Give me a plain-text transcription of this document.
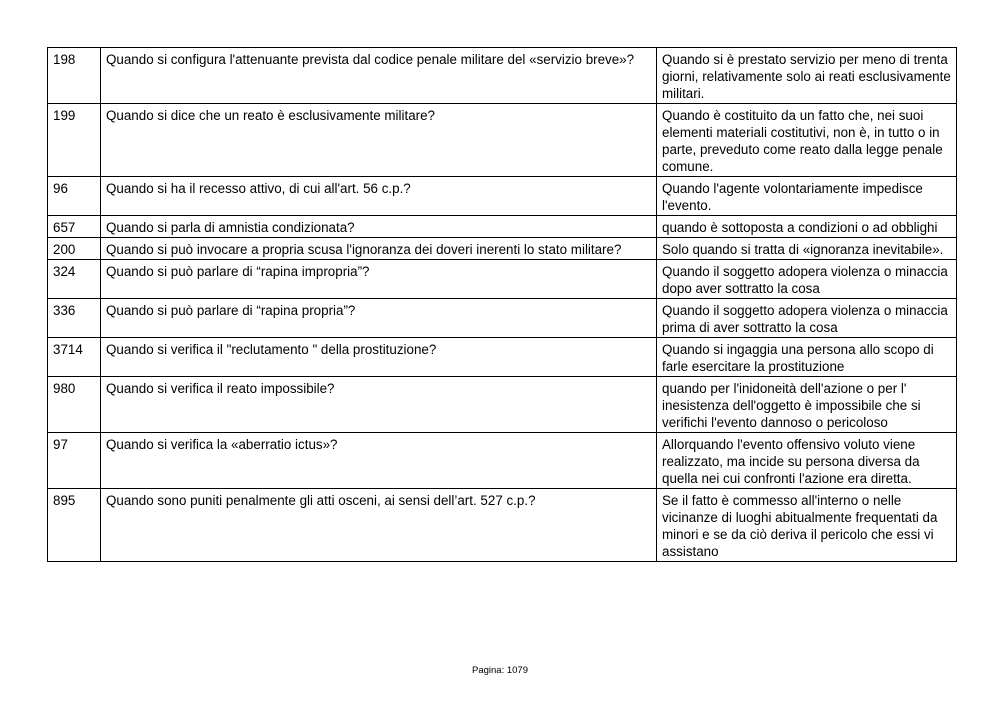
198	Quando si configura l'attenuante prevista dal codice penale militare del «servizio breve»?	Quando si è prestato servizio per meno di trenta giorni, relativamente solo ai reati esclusivamente militari.
199	Quando si dice che un reato è esclusivamente militare?	Quando è costituito da un fatto che, nei suoi elementi materiali costitutivi, non è, in tutto o in parte, preveduto come reato dalla legge penale comune.
96	Quando si ha il recesso attivo, di cui all'art. 56 c.p.?	Quando l'agente volontariamente impedisce l'evento.
657	Quando si parla di amnistia condizionata?	quando è sottoposta a condizioni o ad obblighi
200	Quando si può invocare a propria scusa l'ignoranza dei doveri inerenti lo stato militare?	Solo quando si tratta di «ignoranza inevitabile».
324	Quando si può parlare di “rapina impropria”?	Quando il soggetto adopera violenza o minaccia dopo aver sottratto la cosa
336	Quando si può parlare di “rapina propria”?	Quando il soggetto adopera violenza o minaccia prima di aver sottratto la cosa
3714	Quando si verifica il "reclutamento " della prostituzione?	Quando si ingaggia una persona allo scopo di farle esercitare la prostituzione
980	Quando si verifica il reato impossibile?	quando per l'inidoneità dell'azione o per l' inesistenza dell'oggetto è impossibile che si verifichi l'evento dannoso o pericoloso
97	Quando si verifica la «aberratio ictus»?	Allorquando l'evento offensivo voluto viene realizzato, ma incide su persona diversa da quella nei cui confronti l'azione era diretta.
895	Quando sono puniti penalmente gli atti osceni, ai sensi dell’art. 527 c.p.?	Se il fatto è commesso all'interno o nelle vicinanze di luoghi abitualmente frequentati da minori e se da ciò deriva il pericolo che essi vi assistano
Pagina: 1079
